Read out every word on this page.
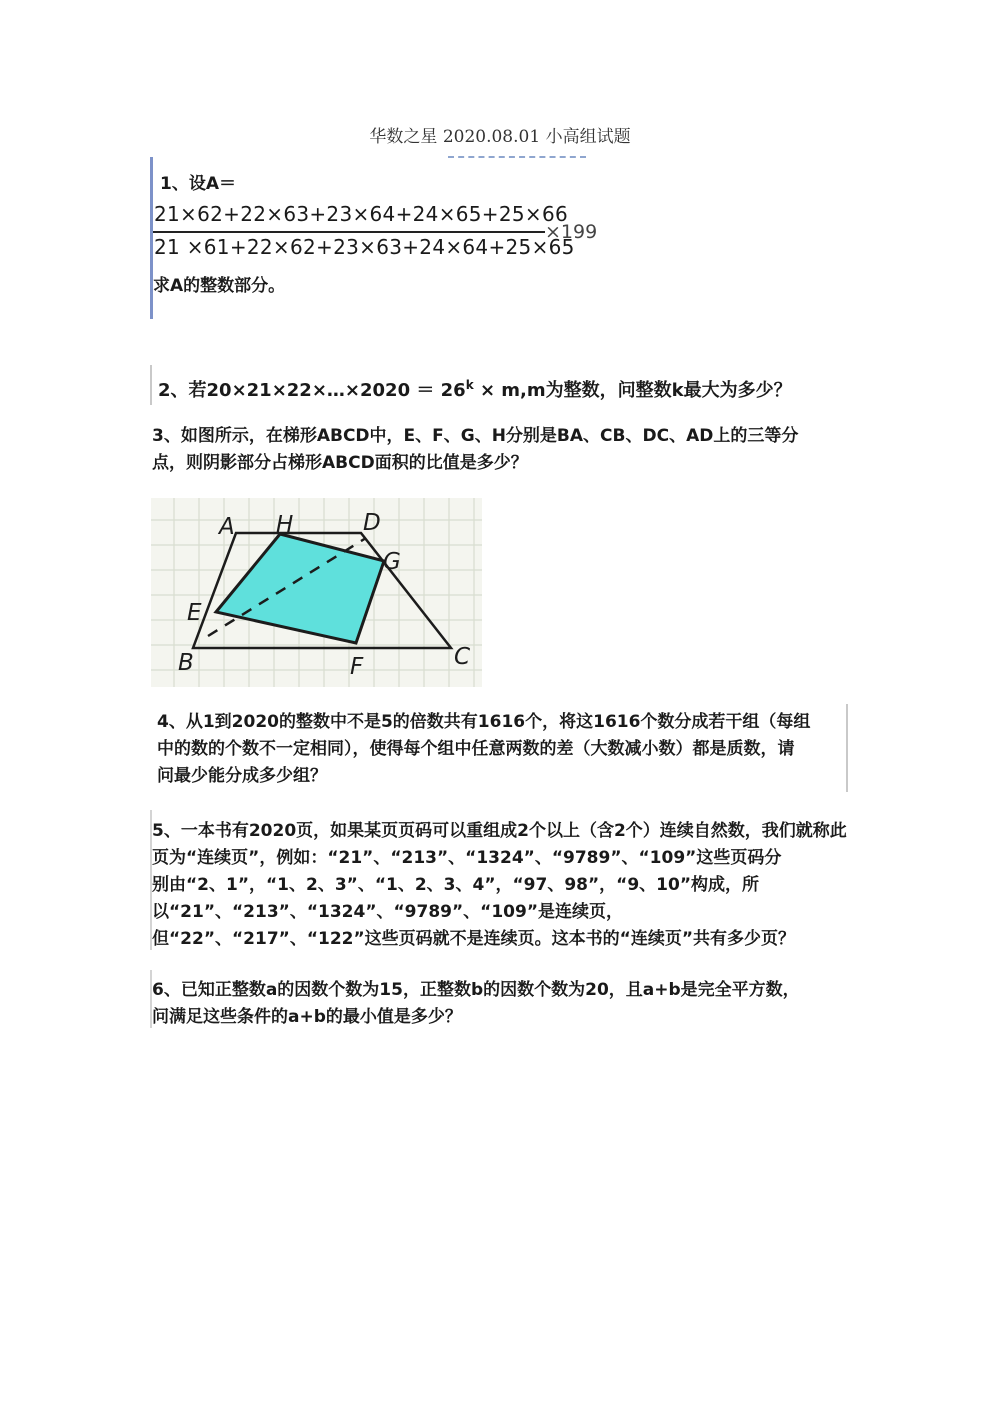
华数之星 2020.08.01 小高组试题
1、设A＝
21×62+22×63+23×64+24×65+25×66
21 ×61+22×62+23×63+24×64+25×65
×199
求A的整数部分。
2、若20×21×22×…×2020 ＝ $26^k \times m,m$为整数，问整数k最大为多少？
3、如图所示，在梯形ABCD中，E、F、G、H分别是BA、CB、DC、AD上的三等分
点，则阴影部分占梯形ABCD面积的比值是多少？
A H	D
G
E
B	F	C
4、从1到2020的整数中不是5的倍数共有1616个，将这1616个数分成若干组（每组
中的数的个数不一定相同），使得每个组中任意两数的差（大数减小数）都是质数，请
问最少能分成多少组？
5、一本书有2020页，如果某页页码可以重组成2个以上（含2个）连续自然数，我们就称此
页为“连续页”，例如：“21”、“213”、“1324”、“9789”、“109”这些页码分
别由“2、1”，“1、2、3”、“1、2、3、4”，“97、98”，“9、10”构成，所
以“21”、“213”、“1324”、“9789”、“109”是连续页，
但“22”、“217”、“122”这些页码就不是连续页。这本书的“连续页”共有多少页？
6、已知正整数a的因数个数为15，正整数b的因数个数为20，且a+b是完全平方数，
问满足这些条件的a+b的最小值是多少？
